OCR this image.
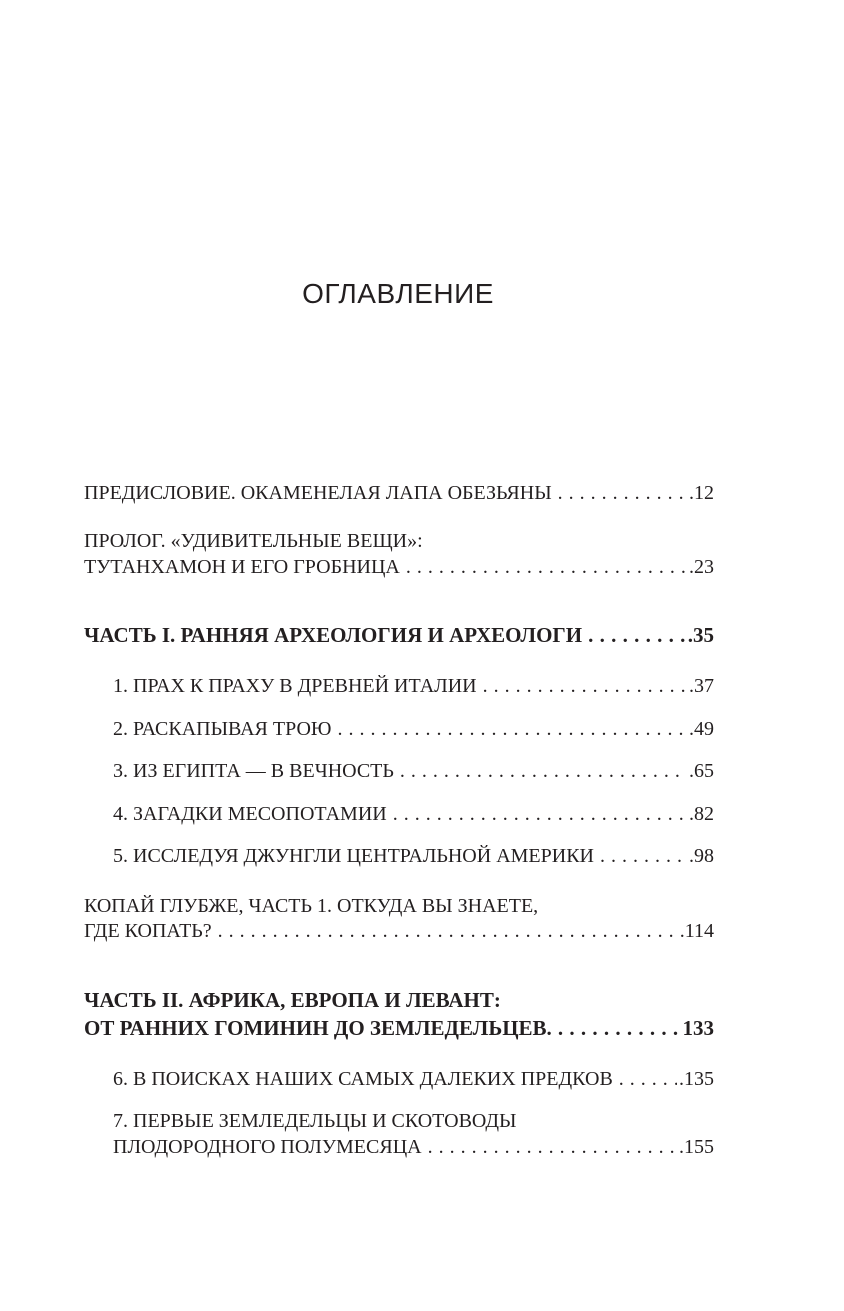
ОГЛАВЛЕНИЕ
ПРЕДИСЛОВИЕ. ОКАМЕНЕЛАЯ ЛАПА ОБЕЗЬЯНЫ . . .	.12
ПРОЛОГ. «УДИВИТЕЛЬНЫЕ ВЕЩИ»:
ТУТАНХАМОН И ЕГО ГРОБНИЦА . . .	.23
ЧАСТЬ I. РАННЯЯ АРХЕОЛОГИЯ И АРХЕОЛОГИ . . .	.35
1. ПРАХ К ПРАХУ В ДРЕВНЕЙ ИТАЛИИ . . .	.37
2. РАСКАПЫВАЯ ТРОЮ . . .	.49
3. ИЗ ЕГИПТА — В ВЕЧНОСТЬ . . .	.65
4. ЗАГАДКИ МЕСОПОТАМИИ . . .	.82
5. ИССЛЕДУЯ ДЖУНГЛИ ЦЕНТРАЛЬНОЙ АМЕРИКИ . . .	.98
КОПАЙ ГЛУБЖЕ, ЧАСТЬ 1. ОТКУДА ВЫ ЗНАЕТЕ,
ГДЕ КОПАТЬ? . . .	.114
ЧАСТЬ II. АФРИКА, ЕВРОПА И ЛЕВАНТ:
ОТ РАННИХ ГОМИНИН ДО ЗЕМЛЕДЕЛЬЦЕВ. . . .	133
6. В ПОИСКАХ НАШИХ САМЫХ ДАЛЕКИХ ПРЕДКОВ . . .	.135
7. ПЕРВЫЕ ЗЕМЛЕДЕЛЬЦЫ И СКОТОВОДЫ
ПЛОДОРОДНОГО ПОЛУМЕСЯЦА . . .	.155
